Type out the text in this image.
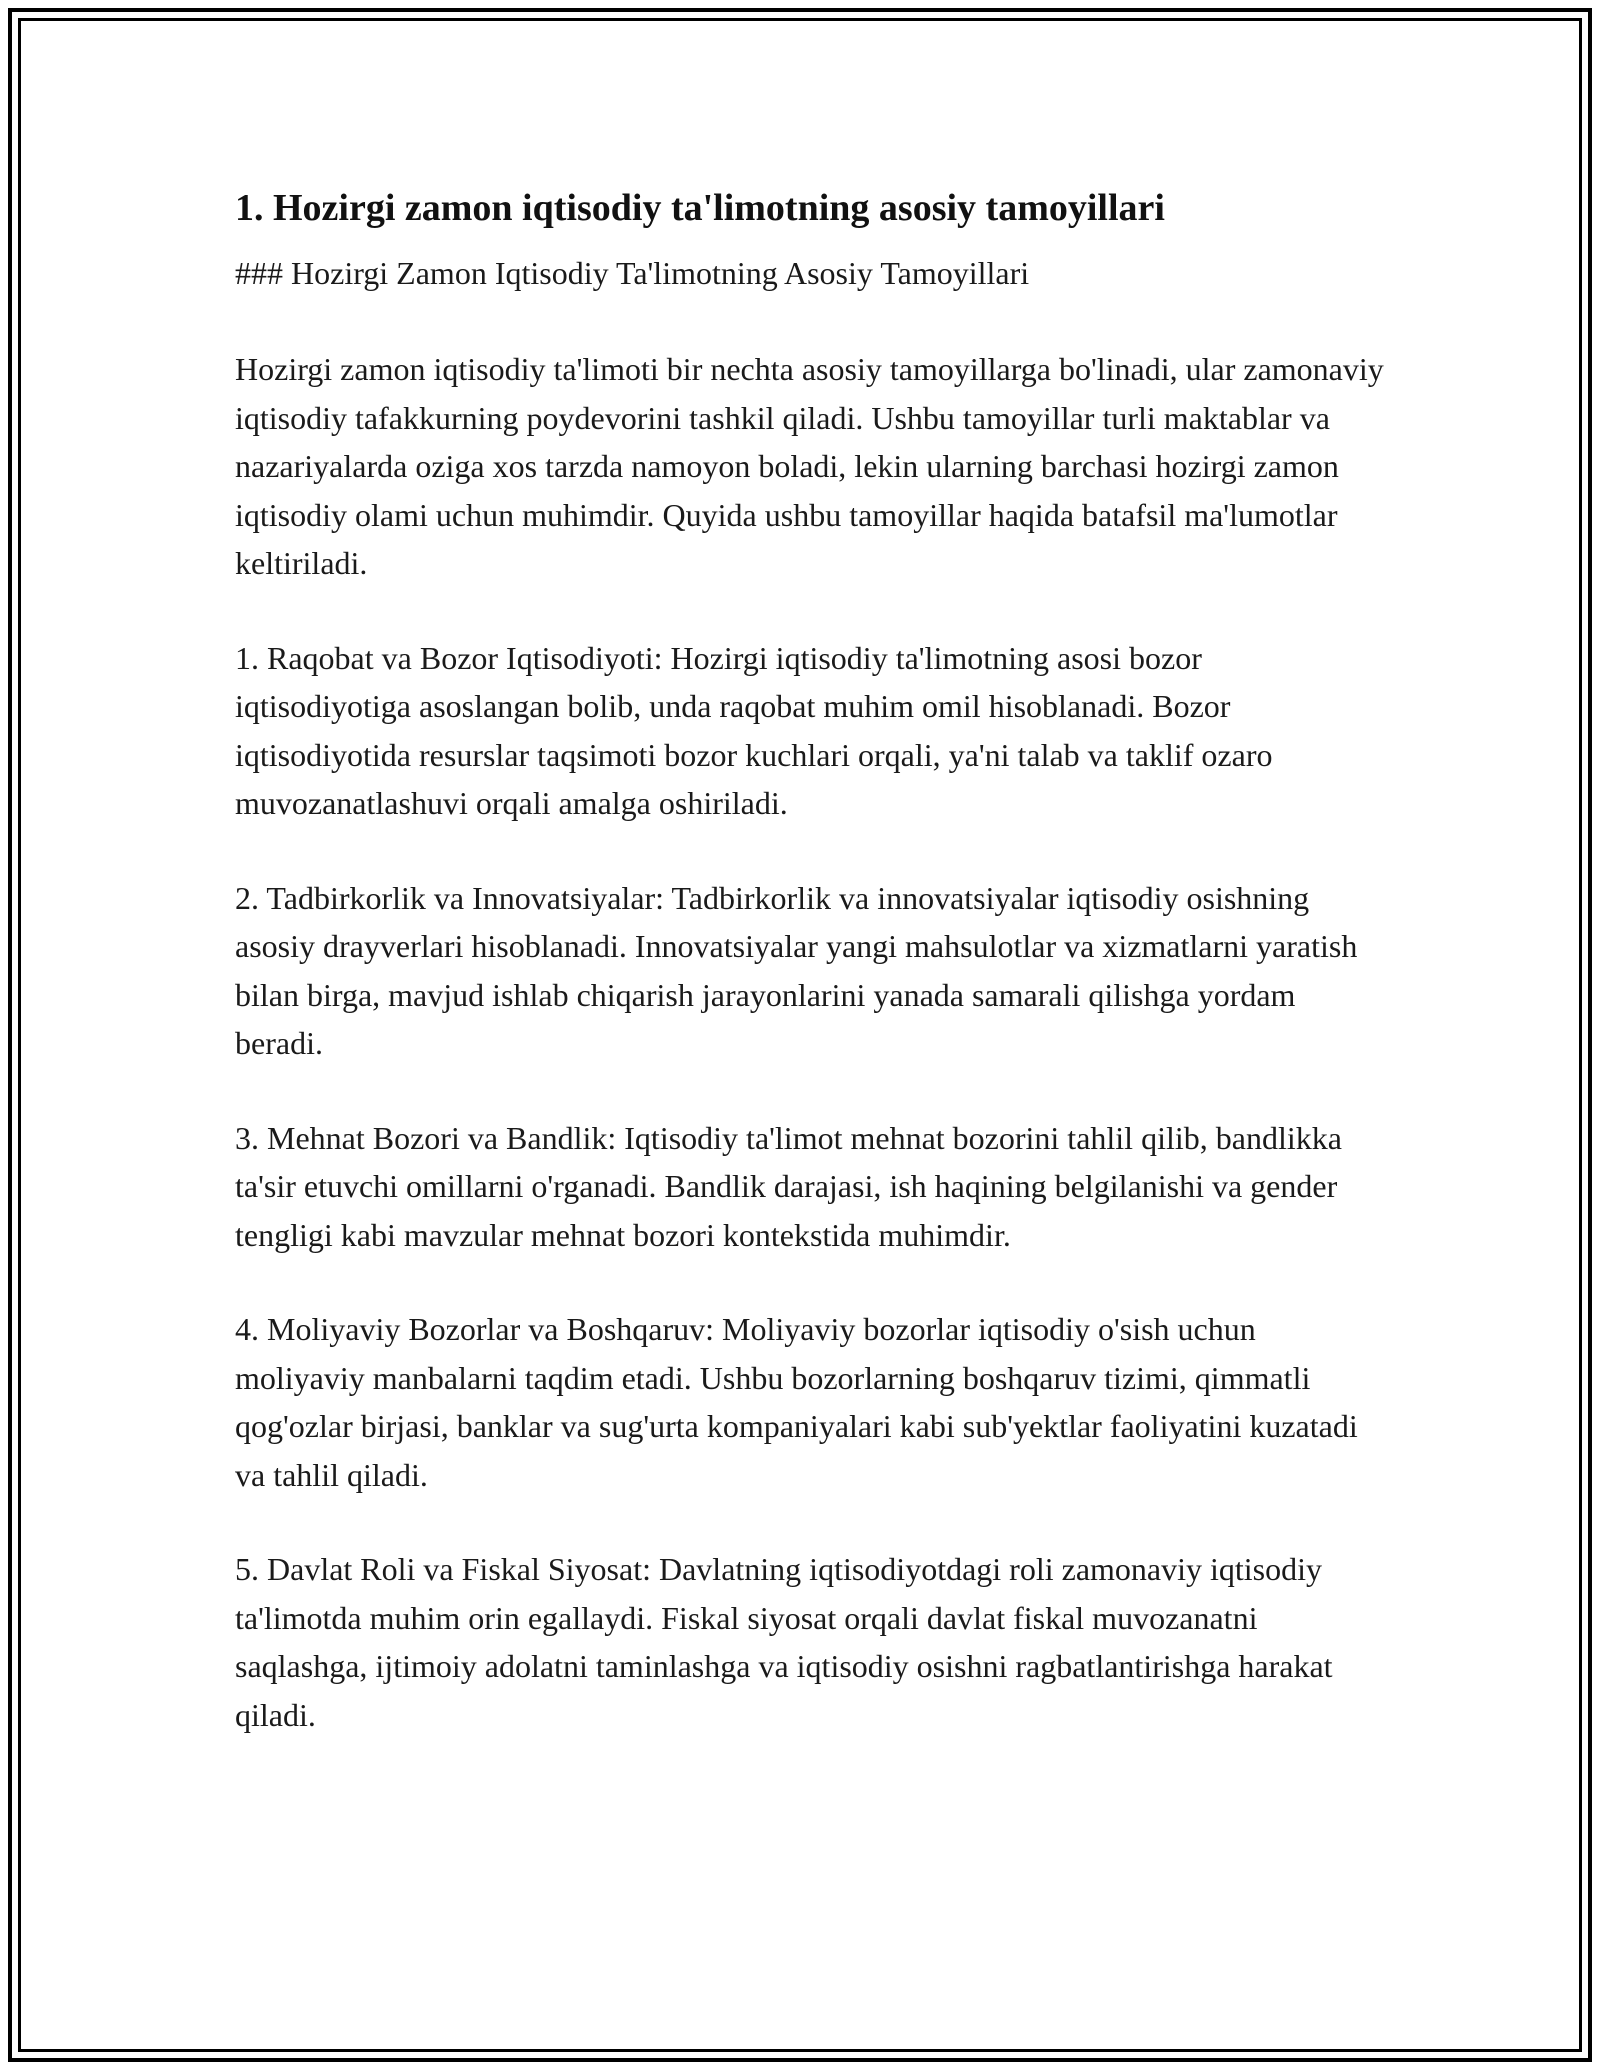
1. Hozirgi zamon iqtisodiy ta'limotning asosiy tamoyillari

### Hozirgi Zamon Iqtisodiy Ta'limotning Asosiy Tamoyillari

Hozirgi zamon iqtisodiy ta'limoti bir nechta asosiy tamoyillarga bo'linadi, ular zamonaviy iqtisodiy tafakkurning poydevorini tashkil qiladi. Ushbu tamoyillar turli maktablar va nazariyalarda oziga xos tarzda namoyon boladi, lekin ularning barchasi hozirgi zamon iqtisodiy olami uchun muhimdir. Quyida ushbu tamoyillar haqida batafsil ma'lumotlar keltiriladi.

1. Raqobat va Bozor Iqtisodiyoti: Hozirgi iqtisodiy ta'limotning asosi bozor iqtisodiyotiga asoslangan bolib, unda raqobat muhim omil hisoblanadi. Bozor iqtisodiyotida resurslar taqsimoti bozor kuchlari orqali, ya'ni talab va taklif ozaro muvozanatlashuvi orqali amalga oshiriladi.

2. Tadbirkorlik va Innovatsiyalar: Tadbirkorlik va innovatsiyalar iqtisodiy osishning asosiy drayverlari hisoblanadi. Innovatsiyalar yangi mahsulotlar va xizmatlarni yaratish bilan birga, mavjud ishlab chiqarish jarayonlarini yanada samarali qilishga yordam beradi.

3. Mehnat Bozori va Bandlik: Iqtisodiy ta'limot mehnat bozorini tahlil qilib, bandlikka ta'sir etuvchi omillarni o'rganadi. Bandlik darajasi, ish haqining belgilanishi va gender tengligi kabi mavzular mehnat bozori kontekstida muhimdir.

4. Moliyaviy Bozorlar va Boshqaruv: Moliyaviy bozorlar iqtisodiy o'sish uchun moliyaviy manbalarni taqdim etadi. Ushbu bozorlarning boshqaruv tizimi, qimmatli qog'ozlar birjasi, banklar va sug'urta kompaniyalari kabi sub'yektlar faoliyatini kuzatadi va tahlil qiladi.

5. Davlat Roli va Fiskal Siyosat: Davlatning iqtisodiyotdagi roli zamonaviy iqtisodiy ta'limotda muhim orin egallaydi. Fiskal siyosat orqali davlat fiskal muvozanatni saqlashga, ijtimoiy adolatni taminlashga va iqtisodiy osishni ragbatlantirishga harakat qiladi.
